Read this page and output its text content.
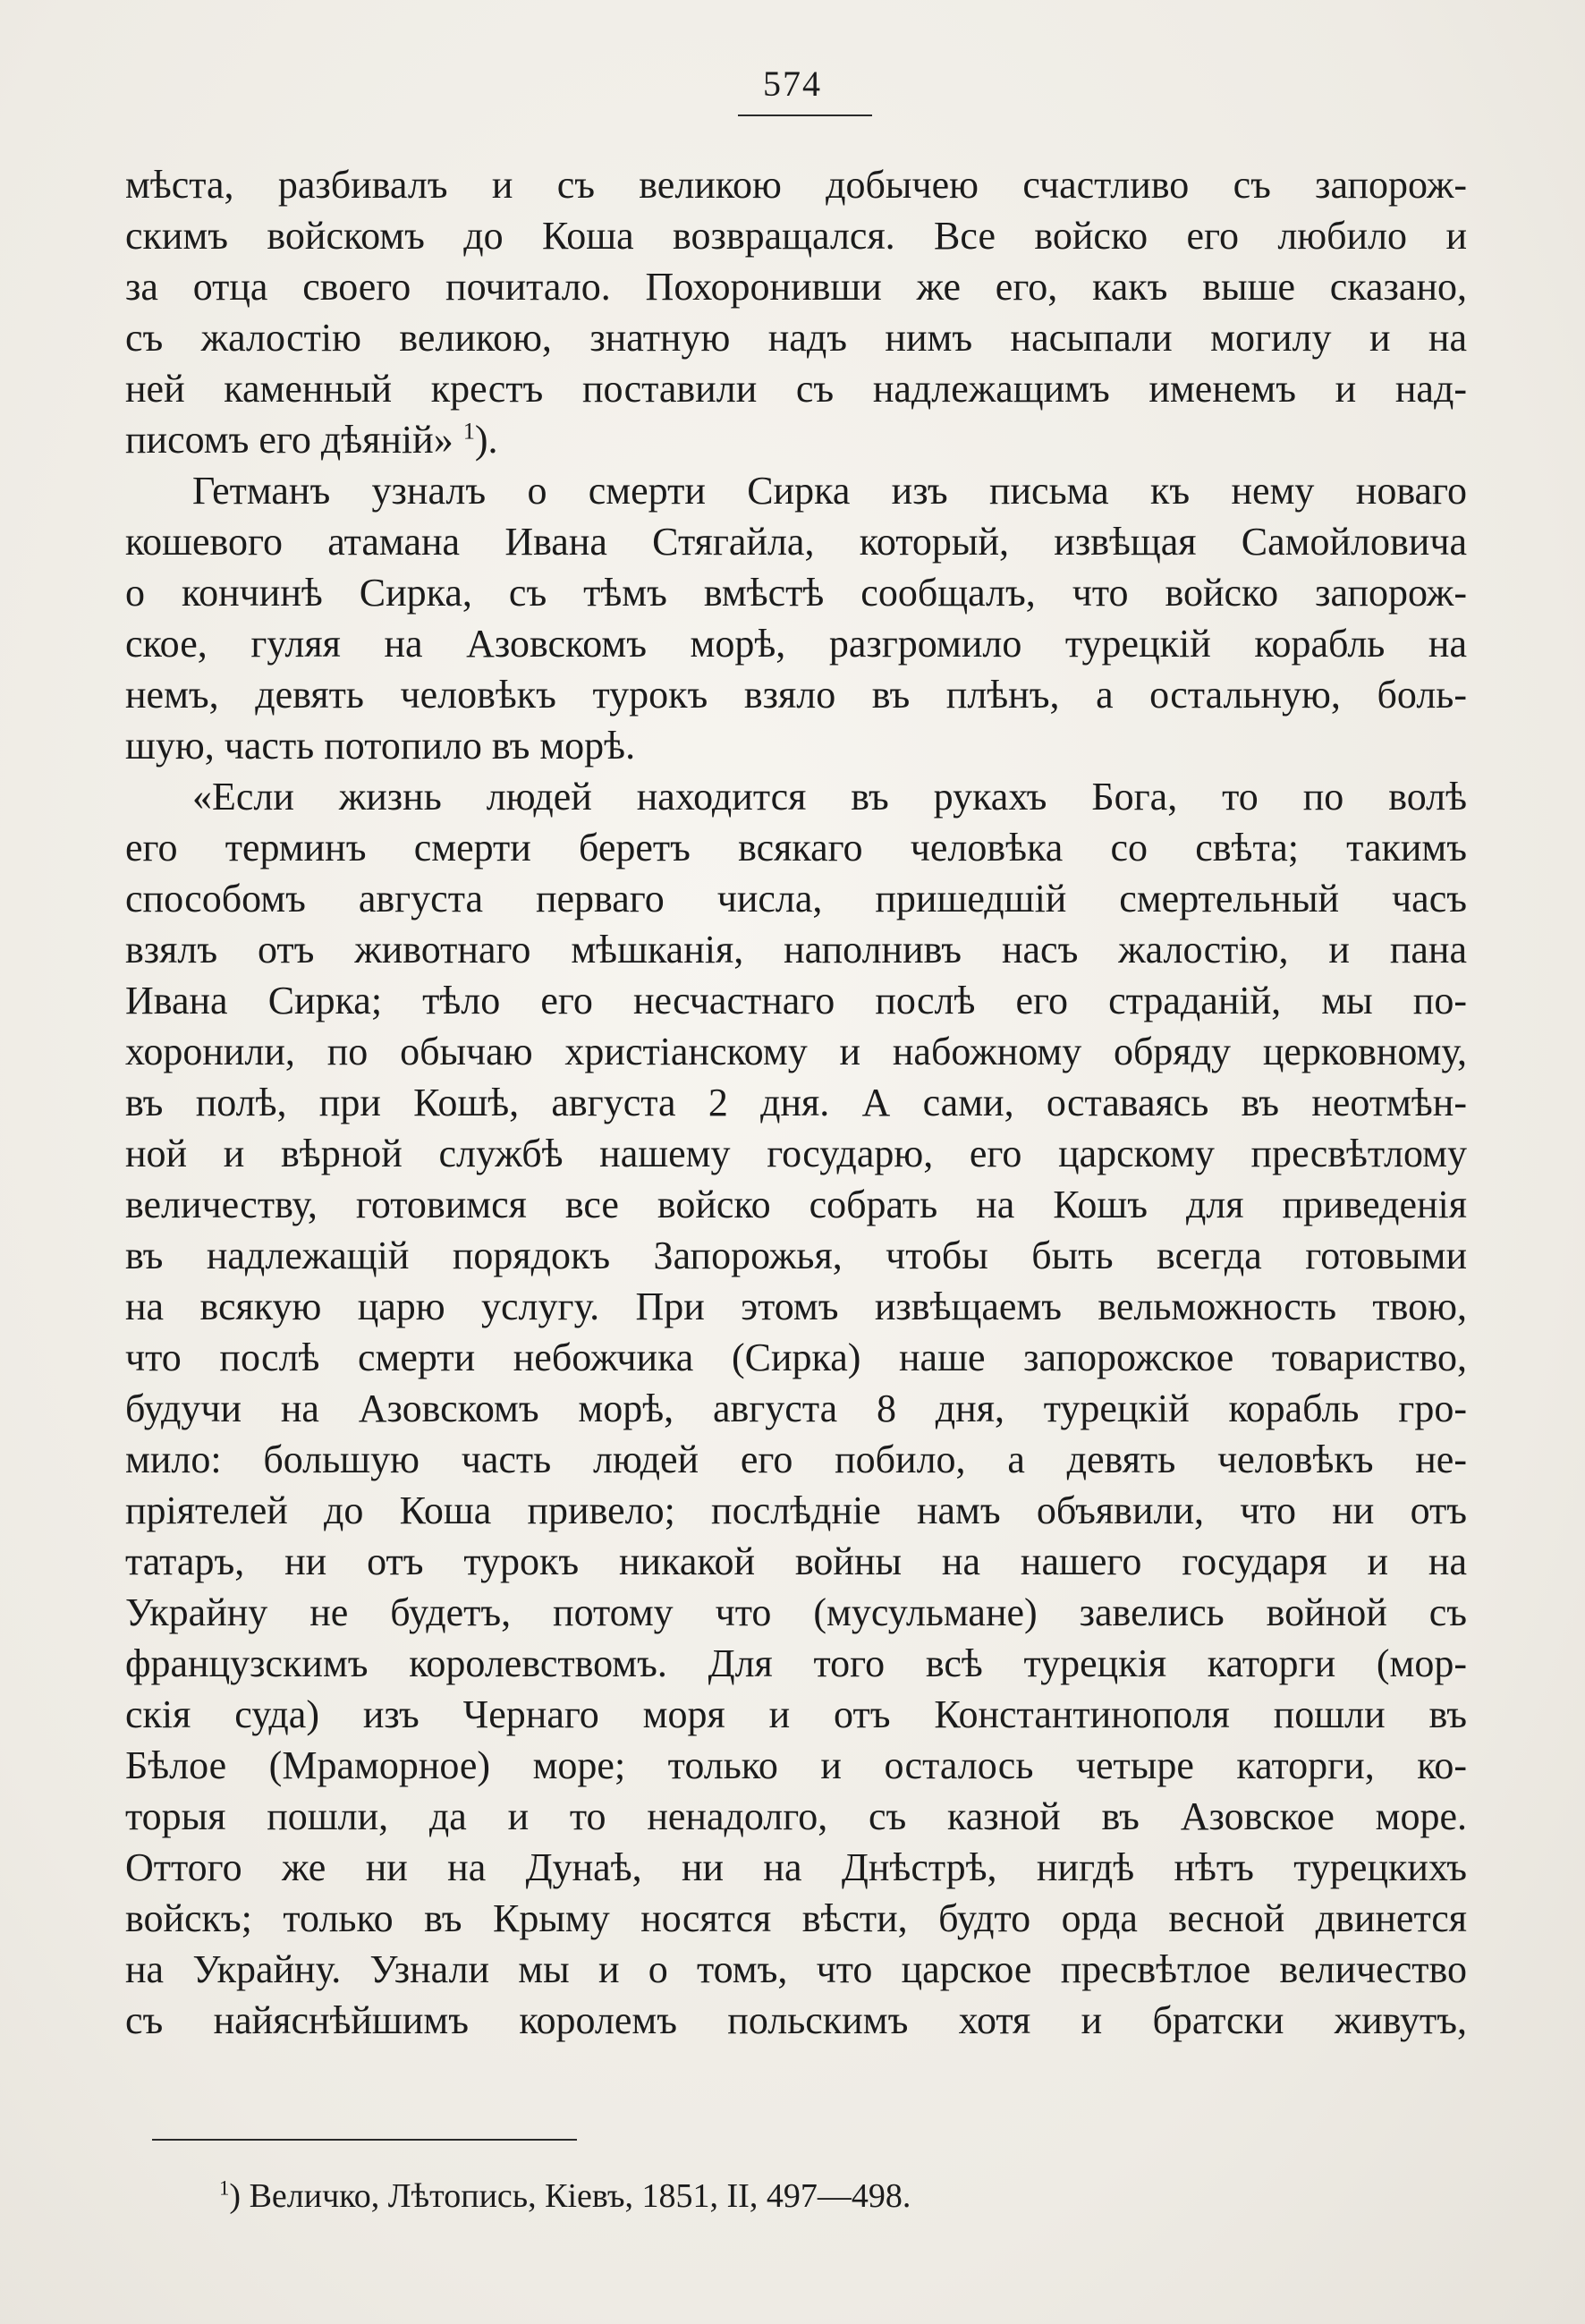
574
мѣста, разбивалъ и съ великою добычею счастливо съ запорож-
скимъ войскомъ до Коша возвращался. Все войско его любило и
за отца своего почитало. Похоронивши же его, какъ выше сказано,
съ жалостію великою, знатную надъ нимъ насыпали могилу и на
ней каменный крестъ поставили съ надлежащимъ именемъ и над-
писомъ его дѣяній» $^1$).
Гетманъ узналъ о смерти Сирка изъ письма къ нему новаго
кошевого атамана Ивана Стягайла, который, извѣщая Самойловича
о кончинѣ Сирка, съ тѣмъ вмѣстѣ сообщалъ, что войско запорож-
ское, гуляя на Азовскомъ морѣ, разгромило турецкій корабль на
немъ, девять человѣкъ турокъ взяло въ плѣнъ, а остальную, боль-
шую, часть потопило въ морѣ.
«Если жизнь людей находится въ рукахъ Бога, то по волѣ
его терминъ смерти беретъ всякаго человѣка со свѣта; такимъ
способомъ августа перваго числа, пришедшій смертельный часъ
взялъ отъ животнаго мѣшканія, наполнивъ насъ жалостію, и пана
Ивана Сирка; тѣло его несчастнаго послѣ его страданій, мы по-
хоронили, по обычаю христіанскому и набожному обряду церковному,
въ полѣ, при Кошѣ, августа 2 дня. А сами, оставаясь въ неотмѣн-
ной и вѣрной службѣ нашему государю, его царскому пресвѣтлому
величеству, готовимся все войско собрать на Кошъ для приведенія
въ надлежащій порядокъ Запорожья, чтобы быть всегда готовыми
на всякую царю услугу. При этомъ извѣщаемъ вельможность твою,
что послѣ смерти небожчика (Сирка) наше запорожское товариство,
будучи на Азовскомъ морѣ, августа 8 дня, турецкій корабль гро-
мило: большую часть людей его побило, а девять человѣкъ не-
пріятелей до Коша привело; послѣдніе намъ объявили, что ни отъ
татаръ, ни отъ турокъ никакой войны на нашего государя и на
Украйну не будетъ, потому что (мусульмане) завелись войной съ
французскимъ королевствомъ. Для того всѣ турецкія каторги (мор-
скія суда) изъ Чернаго моря и отъ Константинополя пошли въ
Бѣлое (Мраморное) море; только и осталось четыре каторги, ко-
торыя пошли, да и то ненадолго, съ казной въ Азовское море.
Оттого же ни на Дунаѣ, ни на Днѣстрѣ, нигдѣ нѣтъ турецкихъ
войскъ; только въ Крыму носятся вѣсти, будто орда весной двинется
на Украйну. Узнали мы и о томъ, что царское пресвѣтлое величество
съ найяснѣйшимъ королемъ польскимъ хотя и братски живутъ,
$^1$) Величко, Лѣтопись, Кіевъ, 1851, II, 497—498.
